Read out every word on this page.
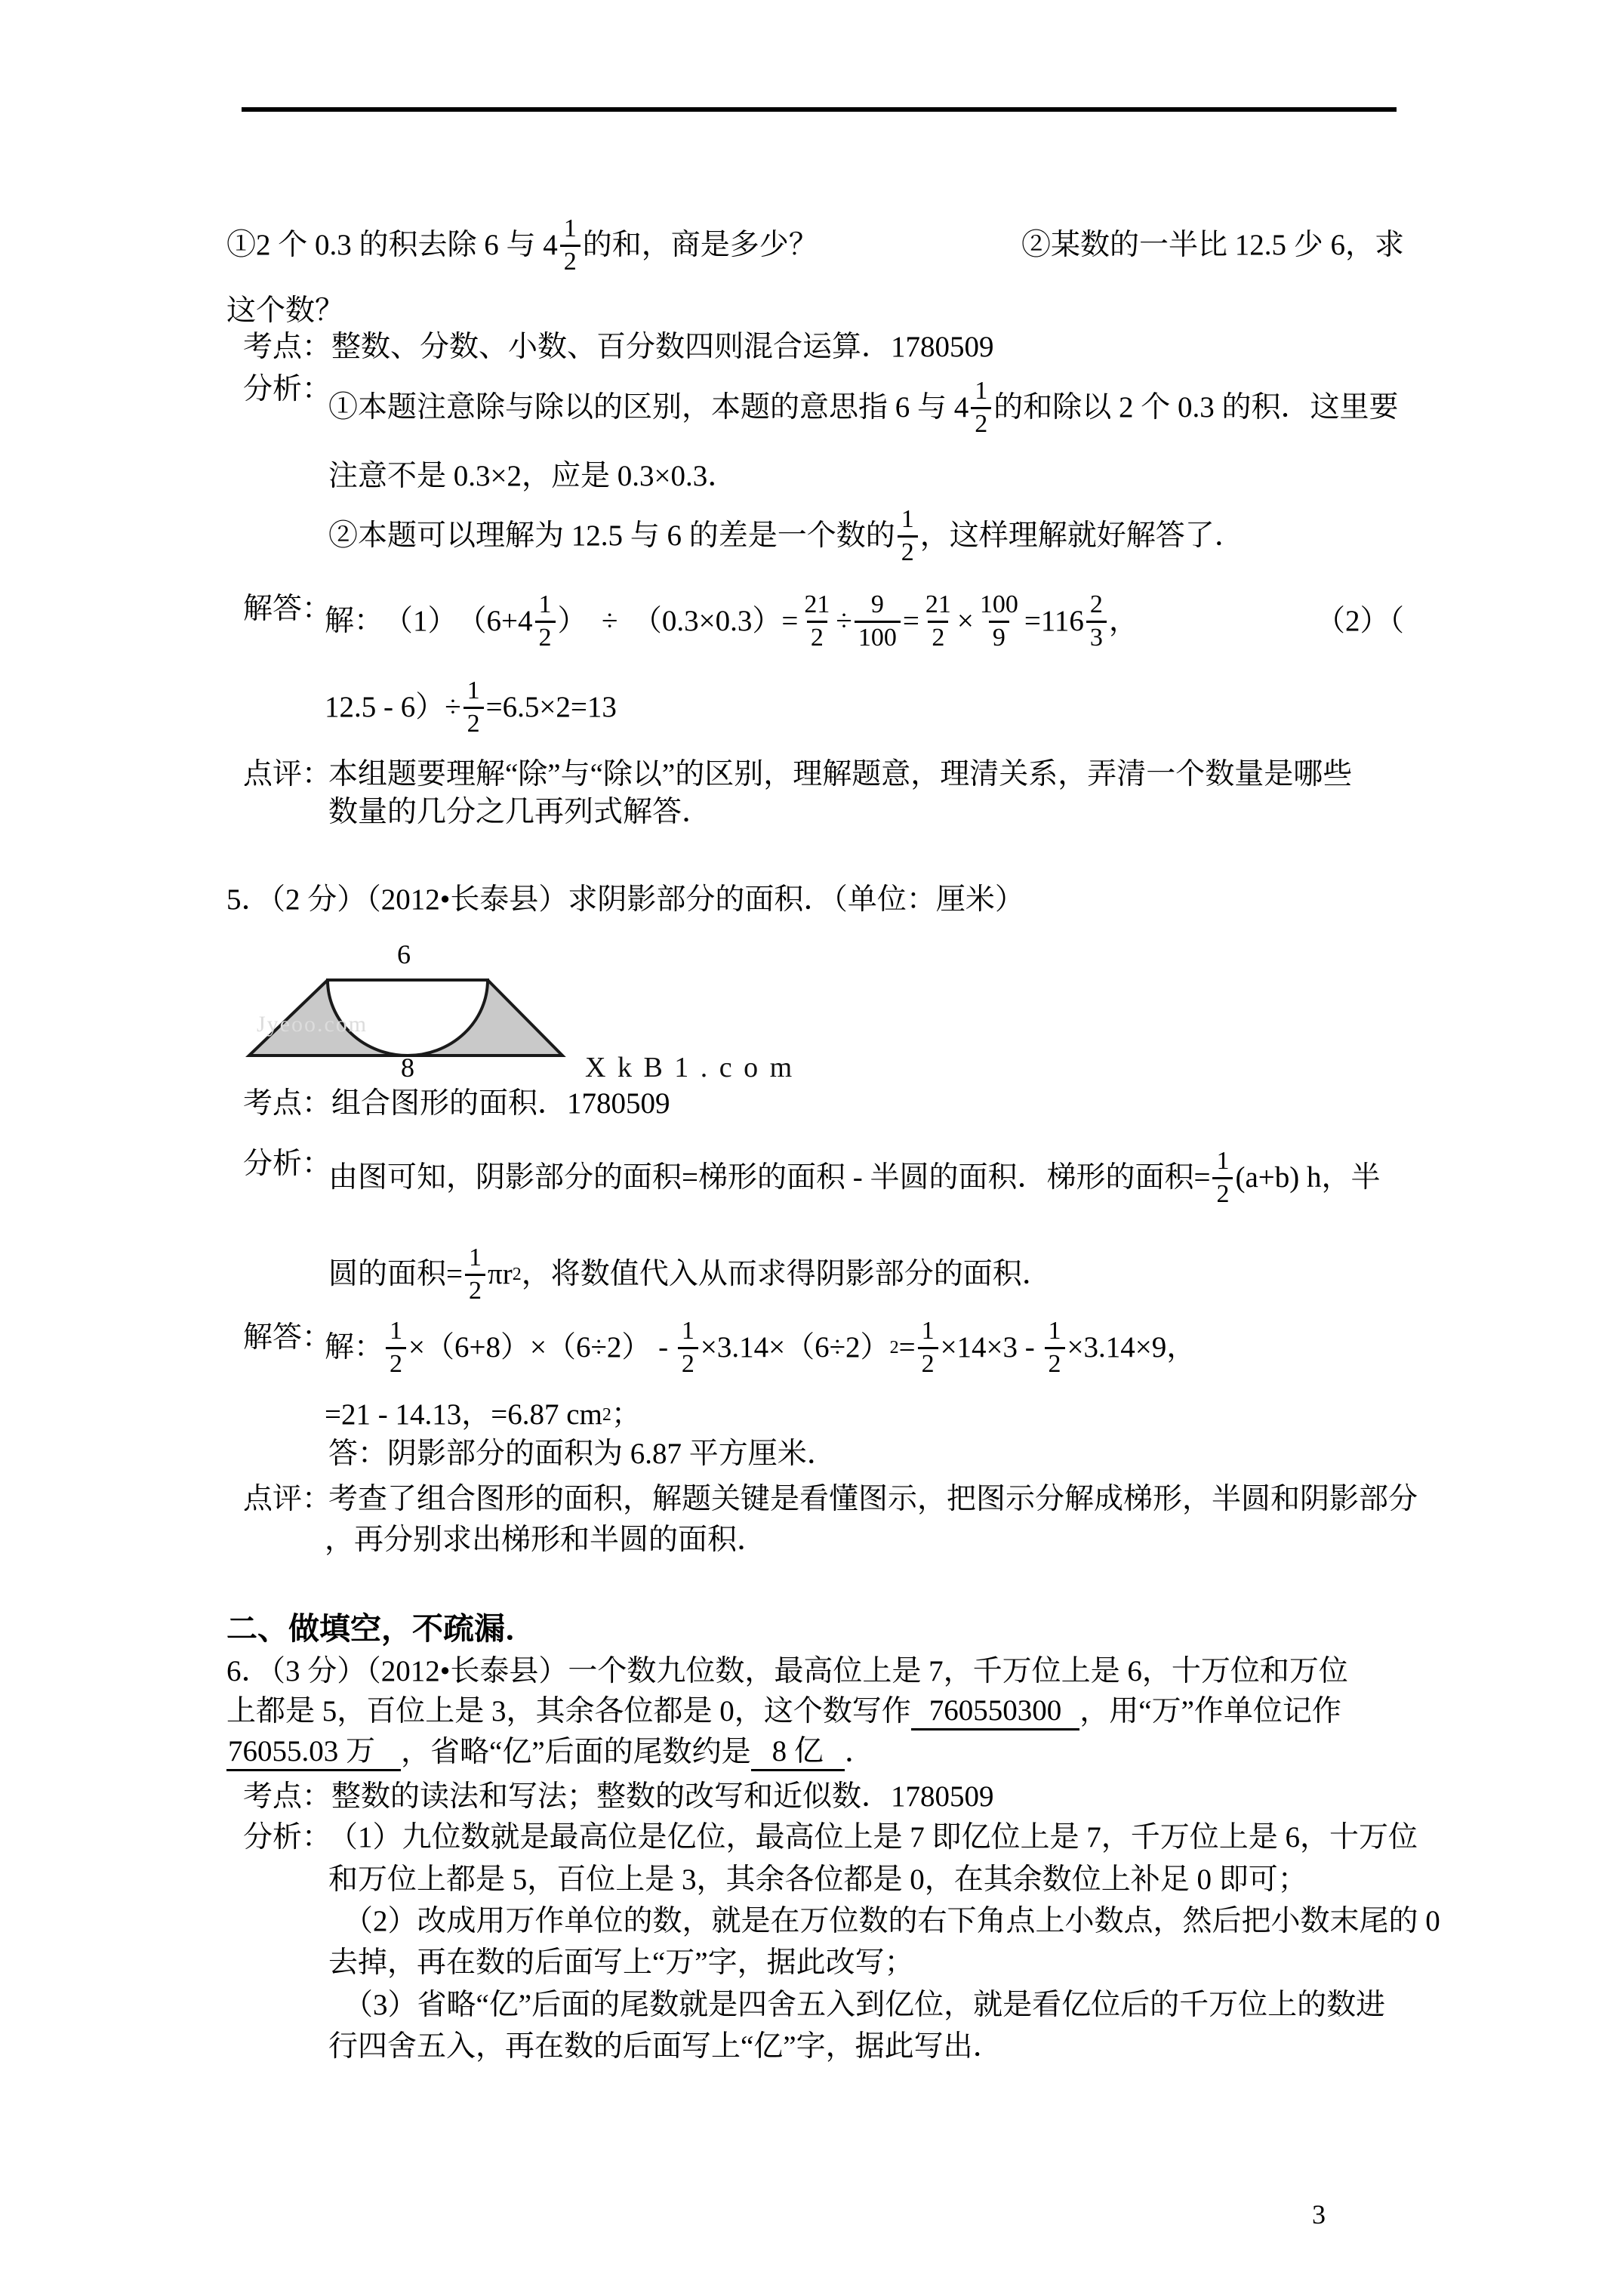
①2 个 0.3 的积去除 6 与 $4 \frac{1}{2}$ 的和，商是多少？	②某数的一半比 12.5 少 6，求
这个数？
考点： 整数、分数、小数、百分数四则混合运算．1780509
分析：
①本题注意除与除以的区别，本题的意思指 6 与 $4 \frac{1}{2}$ 的和除以 2 个 0.3 的积．这里要
注意不是 0.3×2，应是 0.3×0.3．
②本题可以理解为 12.5 与 6 的差是一个数的 $\frac{1}{2}$ ，这样理解就好解答了．
解答：
解：　（1）　（$6+4 \frac{1}{2}$ ）　÷　$(0.3\times 0.3)= \frac{21}{2} \div \frac{9}{100} = \frac{21}{2} \times \frac{100}{9} =116 \frac{2}{3}$ ，	（2）（
$12.5 - 6)\div \frac{1}{2} =6.5\times 2=13$
点评：
本组题要理解“除”与“除以”的区别，理解题意，理清关系，弄清一个数量是哪些
数量的几分之几再列式解答．
5．（2 分）（2012•长泰县）求阴影部分的面积．（单位：厘米）
Jyeoo.com
6
8	X k B 1 . c o m
考点： 组合图形的面积．1780509
分析：
由图可知，阴影部分的面积=梯形的面积 - 半圆的面积．梯形的面积= $\frac{1}{2} (a+b)$ h，半
圆的面积= $\frac{1}{2}$ πr 2 ，将数值代入从而求得阴影部分的面积．
解答：
解： $\frac{1}{2} \times(6+8)\times(6\div 2) - \frac{1}{2} \times 3.14\times(6\div 2) 2 = \frac{1}{2} \times 14\times 3 - \frac{1}{2} \times 3.14\times 9$，
=21 - 14.13，=6.87 cm 2 ；
答：阴影部分的面积为 6.87 平方厘米．
点评：
考查了组合图形的面积，解题关键是看懂图示，把图示分解成梯形，半圆和阴影部分
，再分别求出梯形和半圆的面积．
二、做填空，不疏漏．
6．（3 分）（2012•长泰县）一个数九位数，最高位上是 7，千万位上是 6，十万位和万位
上都是 5，百位上是 3，其余各位都是 0，这个数写作 760550300 ，用“万”作单位记作
76055.03 万 ，省略“亿”后面的尾数约是 8 亿 ．
考点： 整数的读法和写法；整数的改写和近似数．1780509
分析：
（1）九位数就是最高位是亿位，最高位上是 7 即亿位上是 7，千万位上是 6，十万位
和万位上都是 5，百位上是 3，其余各位都是 0，在其余数位上补足 0 即可；
（2）改成用万作单位的数，就是在万位数的右下角点上小数点，然后把小数末尾的 0
去掉，再在数的后面写上“万”字，据此改写；
（3）省略“亿”后面的尾数就是四舍五入到亿位，就是看亿位后的千万位上的数进
行四舍五入，再在数的后面写上“亿”字，据此写出．
3
